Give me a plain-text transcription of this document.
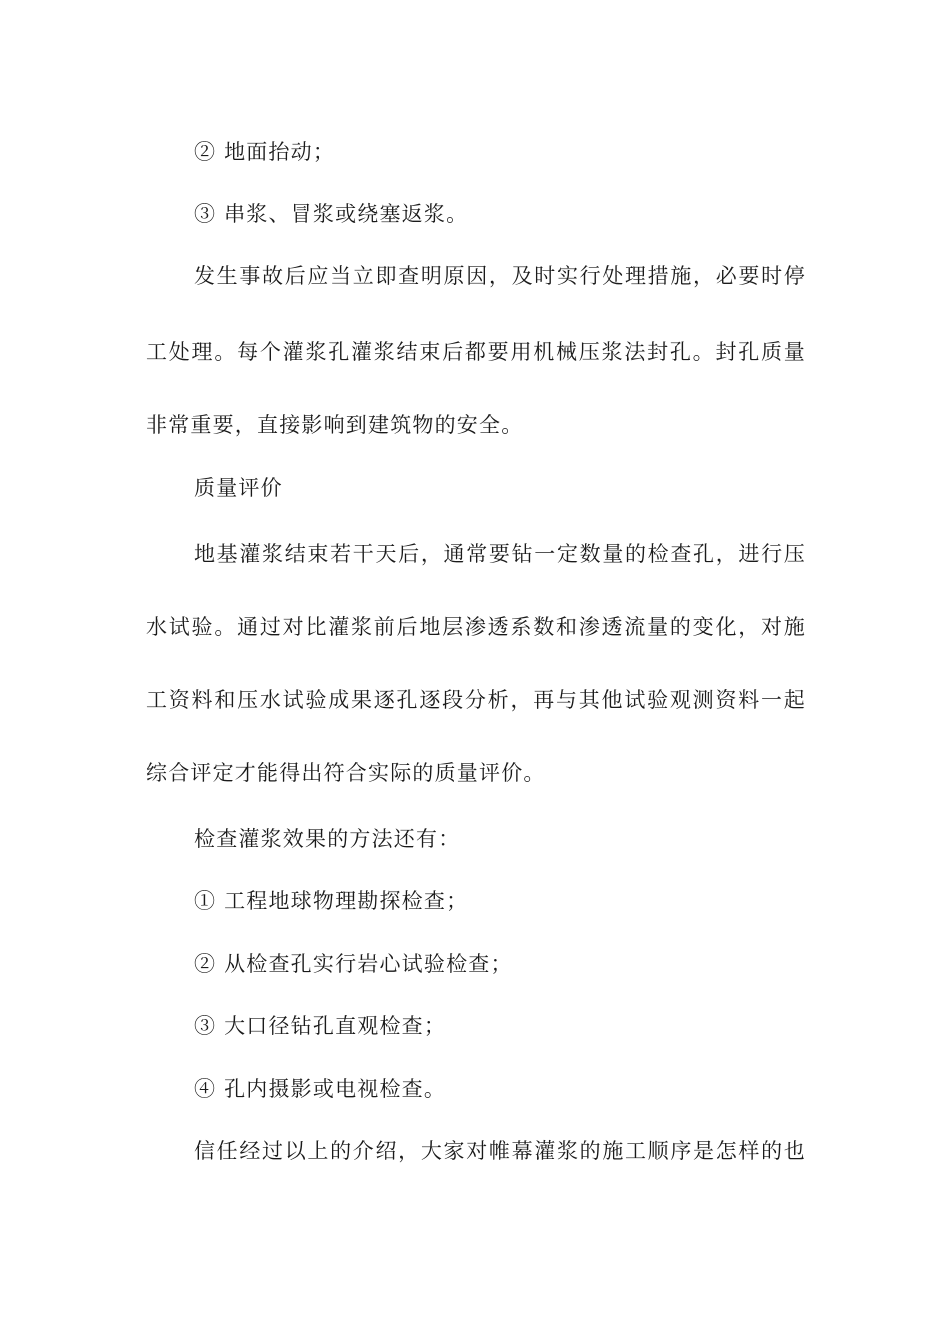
② 地面抬动；
③ 串浆、冒浆或绕塞返浆。
发生事故后应当立即查明原因，及时实行处理措施，必要时停
工处理。每个灌浆孔灌浆结束后都要用机械压浆法封孔。封孔质量
非常重要，直接影响到建筑物的安全。
质量评价
地基灌浆结束若干天后，通常要钻一定数量的检查孔，进行压
水试验。通过对比灌浆前后地层渗透系数和渗透流量的变化，对施
工资料和压水试验成果逐孔逐段分析，再与其他试验观测资料一起
综合评定才能得出符合实际的质量评价。
检查灌浆效果的方法还有：
① 工程地球物理勘探检查；
② 从检查孔实行岩心试验检查；
③ 大口径钻孔直观检查；
④ 孔内摄影或电视检查。
信任经过以上的介绍，大家对帷幕灌浆的施工顺序是怎样的也
